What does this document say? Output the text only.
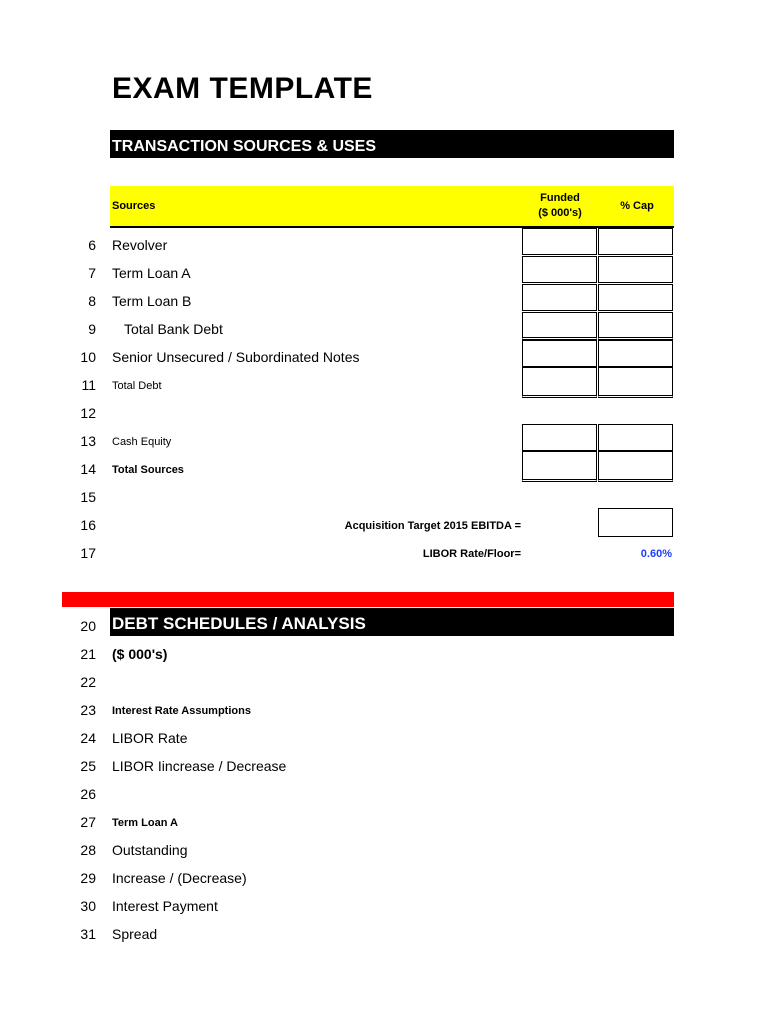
EXAM TEMPLATE
TRANSACTION SOURCES & USES
Sources
Funded
($ 000's)
% Cap
6
7
8
9
10
11
12
13
14
15
16
17
Revolver
Term Loan A
Term Loan B
Total Bank Debt
Senior Unsecured / Subordinated Notes
Total Debt
Cash Equity
Total Sources
Acquisition Target 2015 EBITDA =
LIBOR Rate/Floor=	0.60%
DEBT SCHEDULES / ANALYSIS
20
21
22
23
24
25
26
27
28
29
30
31
($ 000's)
Interest Rate Assumptions
LIBOR Rate
LIBOR Iincrease / Decrease
Term Loan A
Outstanding
Increase / (Decrease)
Interest Payment
Spread
